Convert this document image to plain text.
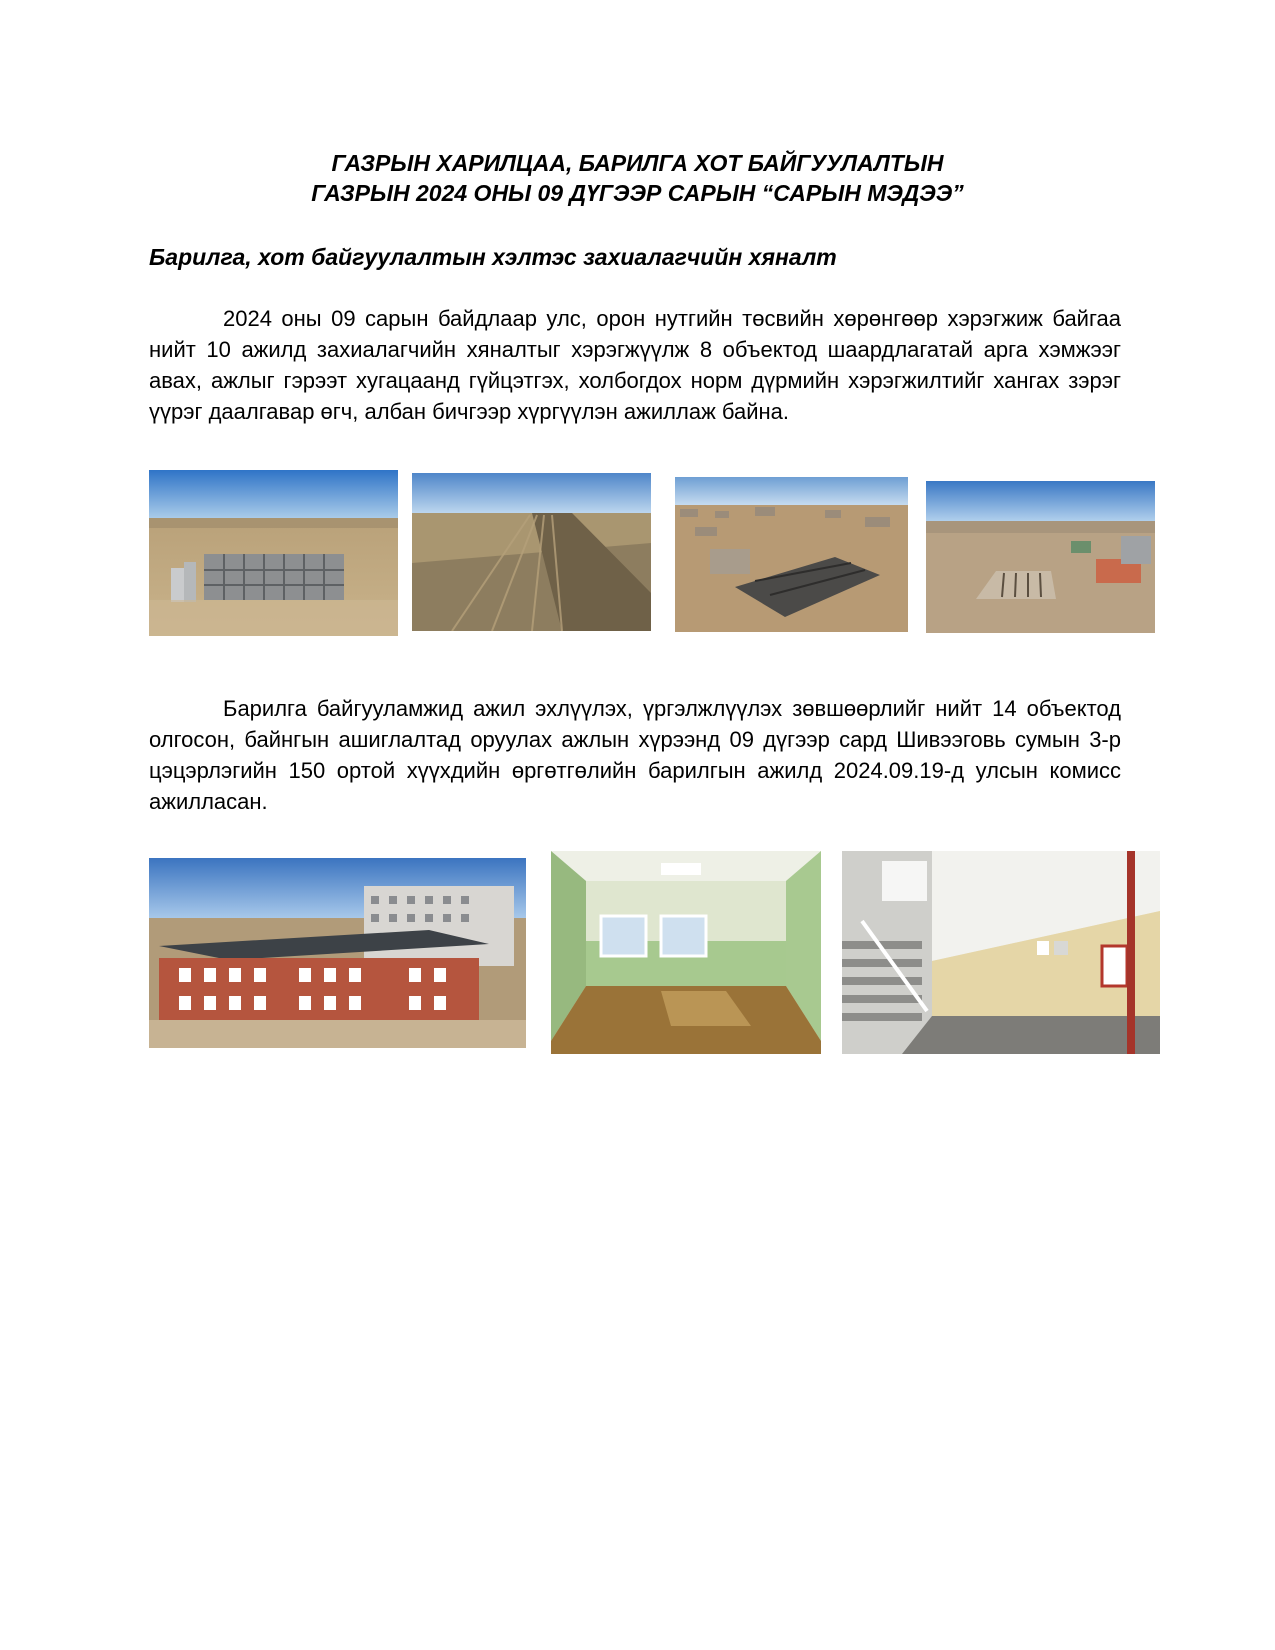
ГАЗРЫН ХАРИЛЦАА, БАРИЛГА ХОТ БАЙГУУЛАЛТЫН
ГАЗРЫН 2024 ОНЫ 09 ДҮГЭЭР САРЫН “САРЫН МЭДЭЭ”
Барилга, хот байгуулалтын хэлтэс захиалагчийн хяналт

2024 оны 09 сарын байдлаар улс, орон нутгийн төсвийн хөрөнгөөр хэрэгжиж байгаа нийт 10 ажилд захиалагчийн хяналтыг хэрэгжүүлж 8 объектод шаардлагатай арга хэмжээг авах, ажлыг гэрээт хугацаанд гүйцэтгэх, холбогдох норм дүрмийн хэрэгжилтийг хангах зэрэг үүрэг даалгавар өгч, албан бичгээр хүргүүлэн ажиллаж байна.

Барилга байгууламжид ажил эхлүүлэх, үргэлжлүүлэх зөвшөөрлийг нийт 14 объектод олгосон, байнгын ашиглалтад оруулах ажлын хүрээнд 09 дүгээр сард Шивээговь сумын 3-р цэцэрлэгийн 150 ортой хүүхдийн өргөтгөлийн барилгын ажилд 2024.09.19-д улсын комисс ажилласан.
